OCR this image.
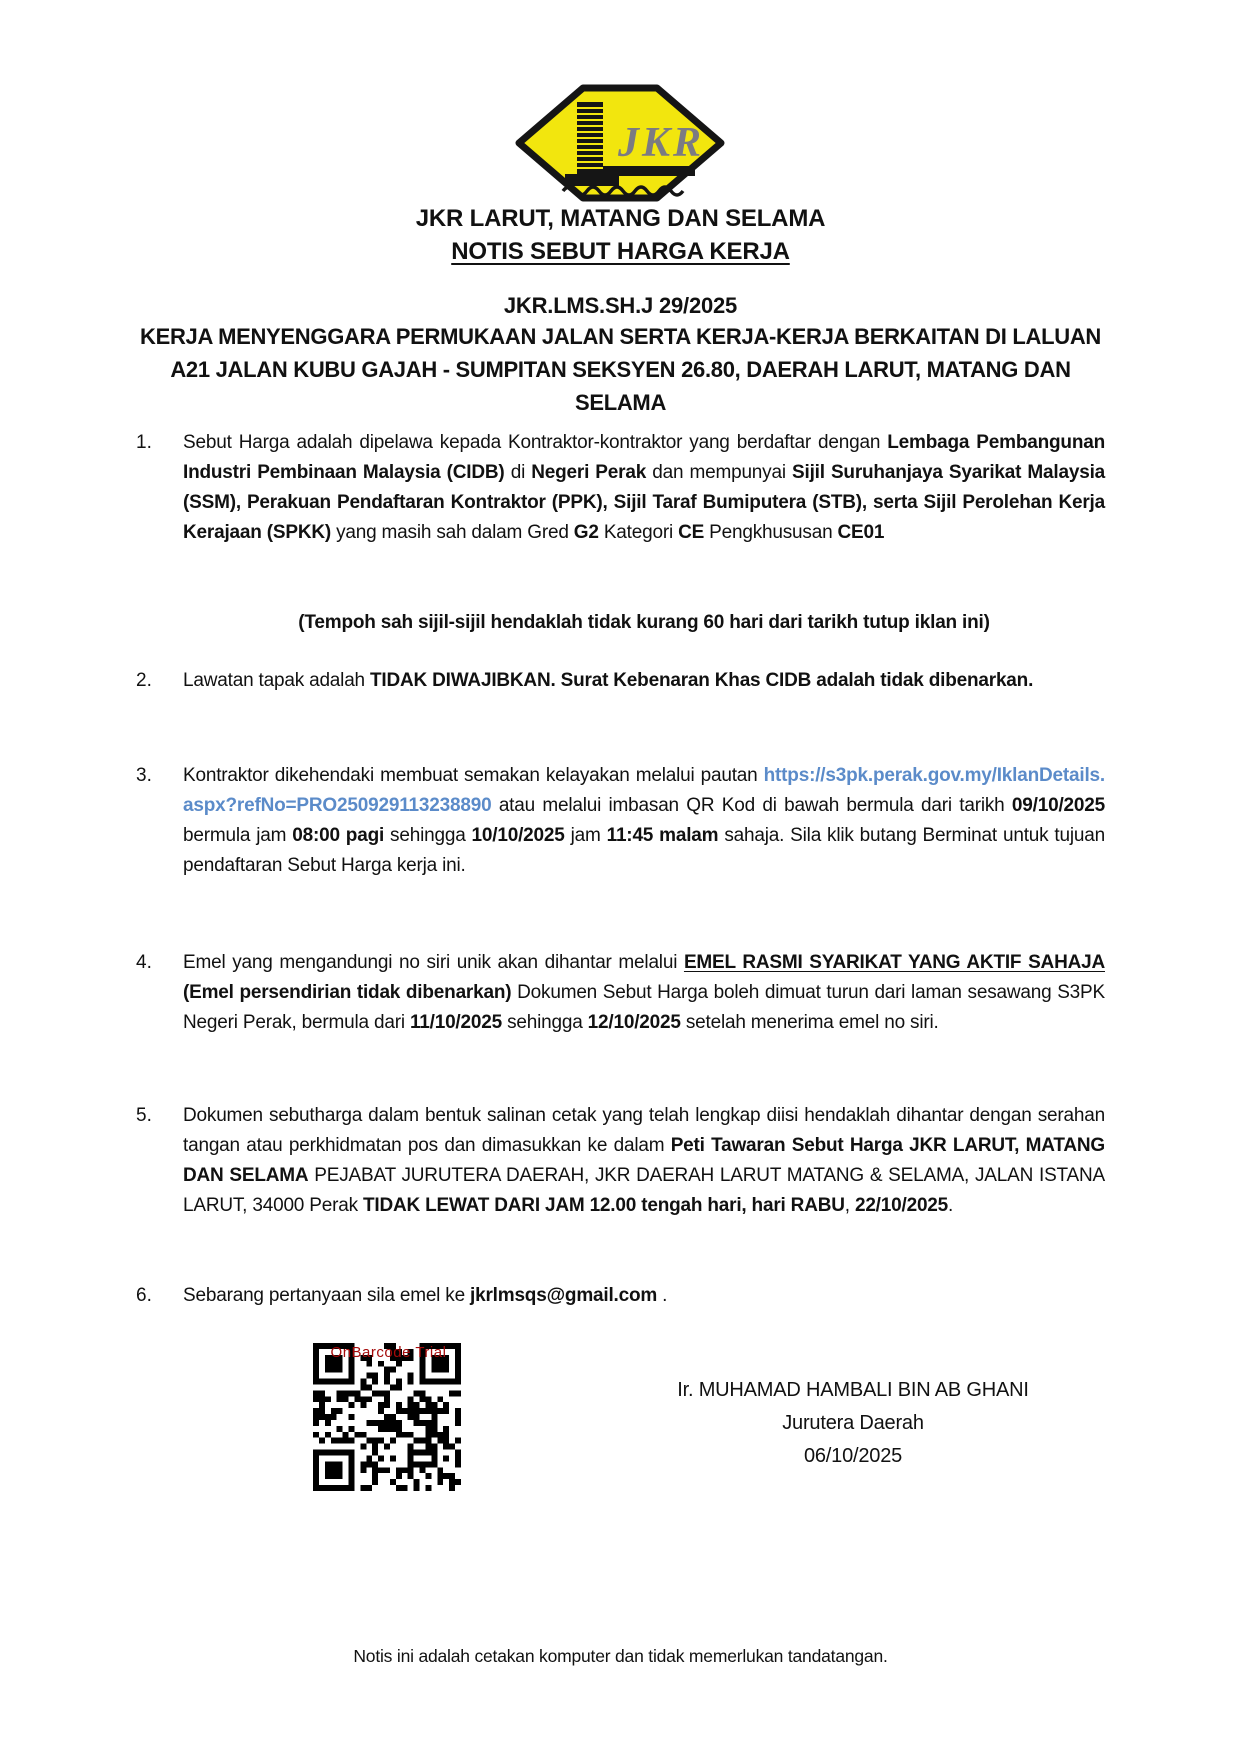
JKR
JKR LARUT, MATANG DAN SELAMA
NOTIS SEBUT HARGA KERJA
JKR.LMS.SH.J 29/2025
KERJA MENYENGGARA PERMUKAAN JALAN SERTA KERJA-KERJA BERKAITAN DI LALUAN
A21 JALAN KUBU GAJAH - SUMPITAN SEKSYEN 26.80, DAERAH LARUT, MATANG DAN
SELAMA
1.	Sebut Harga adalah dipelawa kepada Kontraktor-kontraktor yang berdaftar dengan Lembaga Pembangunan Industri Pembinaan Malaysia (CIDB) di Negeri Perak dan mempunyai Sijil Suruhanjaya Syarikat Malaysia (SSM), Perakuan Pendaftaran Kontraktor (PPK), Sijil Taraf Bumiputera (STB), serta Sijil Perolehan Kerja Kerajaan (SPKK) yang masih sah dalam Gred G2 Kategori CE Pengkhususan CE01
(Tempoh sah sijil-sijil hendaklah tidak kurang 60 hari dari tarikh tutup iklan ini)
2.	Lawatan tapak adalah TIDAK DIWAJIBKAN. Surat Kebenaran Khas CIDB adalah tidak dibenarkan.
3.	Kontraktor dikehendaki membuat semakan kelayakan melalui pautan https://s3pk.perak.gov.my/IklanDetails.aspx?refNo=PRO250929113238890 atau melalui imbasan QR Kod di bawah bermula dari tarikh 09/10/2025 bermula jam 08:00 pagi sehingga 10/10/2025 jam 11:45 malam sahaja. Sila klik butang Berminat untuk tujuan pendaftaran Sebut Harga kerja ini.
4.	Emel yang mengandungi no siri unik akan dihantar melalui EMEL RASMI SYARIKAT YANG AKTIF SAHAJA (Emel persendirian tidak dibenarkan) Dokumen Sebut Harga boleh dimuat turun dari laman sesawang S3PK Negeri Perak, bermula dari 11/10/2025 sehingga 12/10/2025 setelah menerima emel no siri.
5.	Dokumen sebutharga dalam bentuk salinan cetak yang telah lengkap diisi hendaklah dihantar dengan serahan tangan atau perkhidmatan pos dan dimasukkan ke dalam Peti Tawaran Sebut Harga JKR LARUT, MATANG DAN SELAMA PEJABAT JURUTERA DAERAH, JKR DAERAH LARUT MATANG & SELAMA, JALAN ISTANA LARUT, 34000 Perak TIDAK LEWAT DARI JAM 12.00 tengah hari, hari RABU, 22/10/2025.
6.	Sebarang pertanyaan sila emel ke jkrlmsqs@gmail.com .
OnBarcode Trial
Ir. MUHAMAD HAMBALI BIN AB GHANI
Jurutera Daerah
06/10/2025
Notis ini adalah cetakan komputer dan tidak memerlukan tandatangan.
